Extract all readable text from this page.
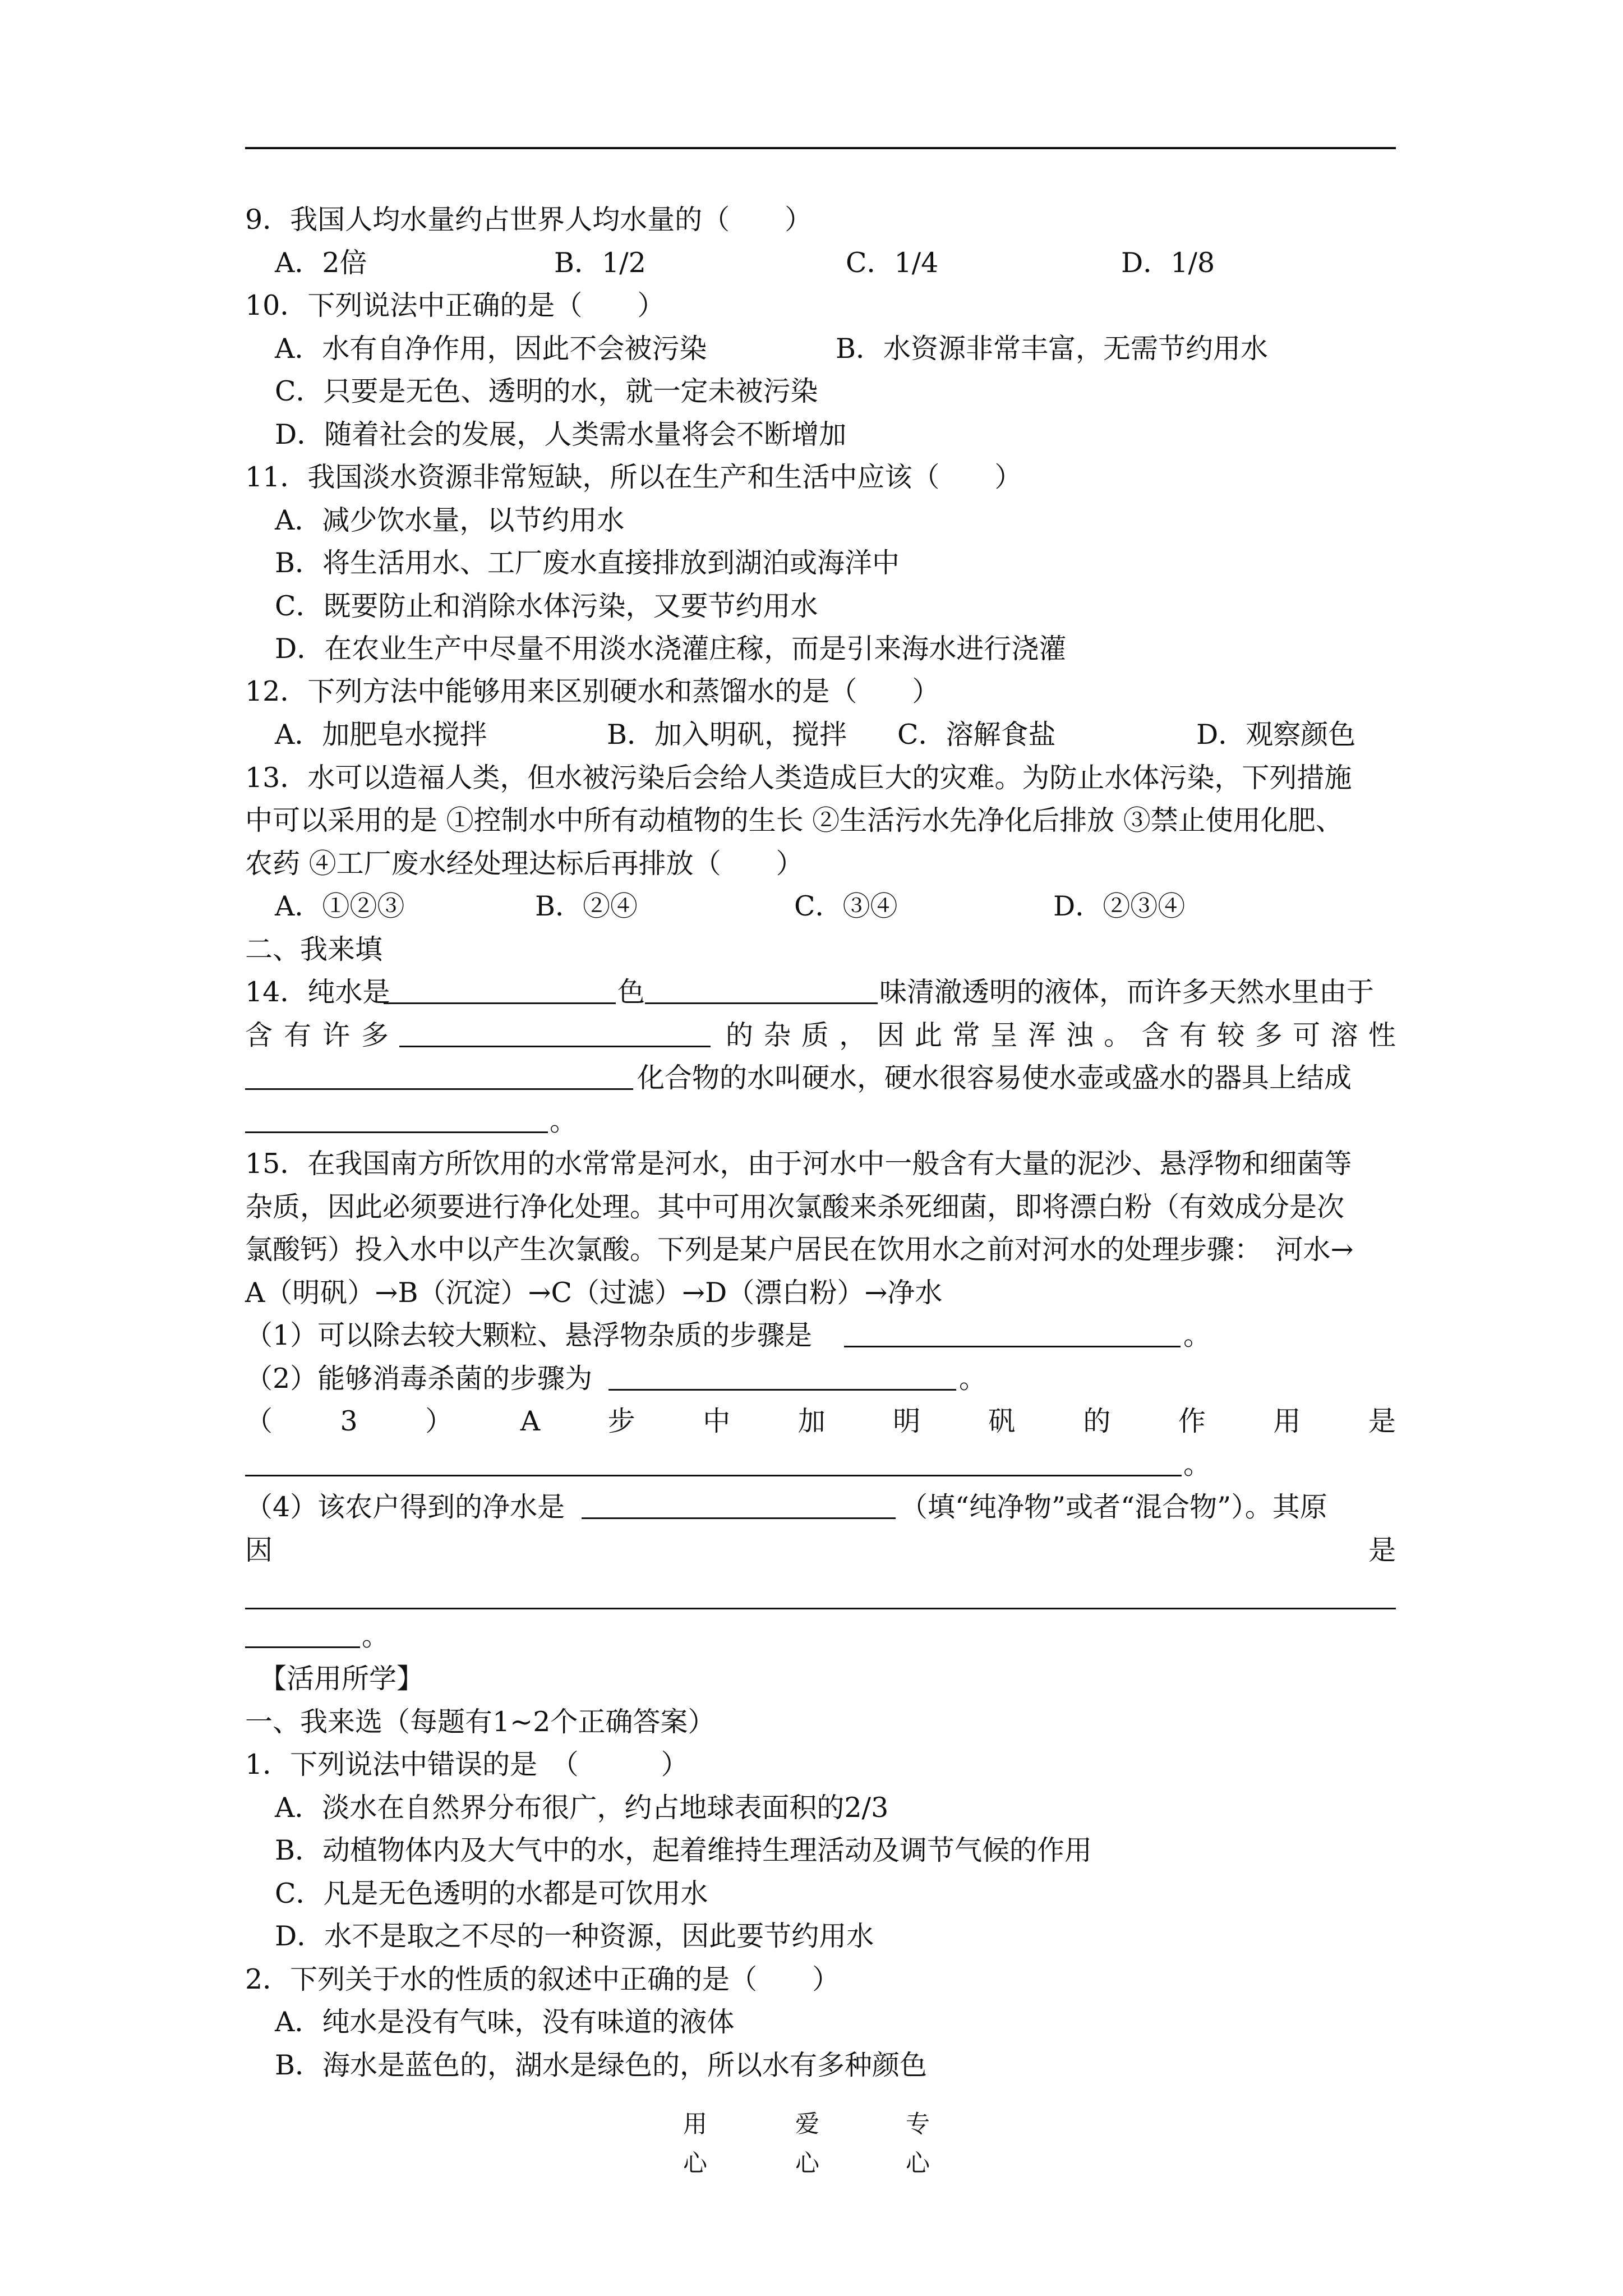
9．我国人均水量约占世界人均水量的（　　）
A．2倍	B．1/2	C．1/4	D．1/8
10．下列说法中正确的是（　　）
A．水有自净作用，因此不会被污染	B．水资源非常丰富，无需节约用水
C．只要是无色、透明的水，就一定未被污染
D．随着社会的发展，人类需水量将会不断增加
11．我国淡水资源非常短缺，所以在生产和生活中应该（　　）
A．减少饮水量，以节约用水
B．将生活用水、工厂废水直接排放到湖泊或海洋中
C．既要防止和消除水体污染，又要节约用水
D．在农业生产中尽量不用淡水浇灌庄稼，而是引来海水进行浇灌
12．下列方法中能够用来区别硬水和蒸馏水的是（　　）
A．加肥皂水搅拌	B．加入明矾，搅拌 C．溶解食盐	D．观察颜色
13．水可以造福人类，但水被污染后会给人类造成巨大的灾难。为防止水体污染，下列措施
中可以采用的是 ①控制水中所有动植物的生长 ②生活污水先净化后排放 ③禁止使用化肥、
农药 ④工厂废水经处理达标后再排放（　　）
A．①②③	B．②④	C．③④	D．②③④
二、我来填
14．纯水是	色	味清澈透明的液体，而许多天然水里由于
含 有 许 多	的 杂 质 ， 因 此 常 呈 浑 浊 。 含 有 较 多 可 溶 性
化合物的水叫硬水，硬水很容易使水壶或盛水的器具上结成
。
15．在我国南方所饮用的水常常是河水，由于河水中一般含有大量的泥沙、悬浮物和细菌等
杂质，因此必须要进行净化处理。其中可用次氯酸来杀死细菌，即将漂白粉（有效成分是次
氯酸钙）投入水中以产生次氯酸。下列是某户居民在饮用水之前对河水的处理步骤：　河水→
A（明矾）→B（沉淀）→C（过滤）→D（漂白粉）→净水
（1）可以除去较大颗粒、悬浮物杂质的步骤是	。
（2）能够消毒杀菌的步骤为	。
（ 3 ） A 步 中 加 明 矾 的 作 用 是
。
（4）该农户得到的净水是	（填“纯净物”或者“混合物”）。其原
因	是
。
【活用所学】
一、我来选（每题有1~2个正确答案）
1．下列说法中错误的是　（　　　）
A．淡水在自然界分布很广，约占地球表面积的2/3
B．动植物体内及大气中的水，起着维持生理活动及调节气候的作用
C．凡是无色透明的水都是可饮用水
D．水不是取之不尽的一种资源，因此要节约用水
2．下列关于水的性质的叙述中正确的是（　　）
A．纯水是没有气味，没有味道的液体
B．海水是蓝色的，湖水是绿色的，所以水有多种颜色
用心
爱心
专心
